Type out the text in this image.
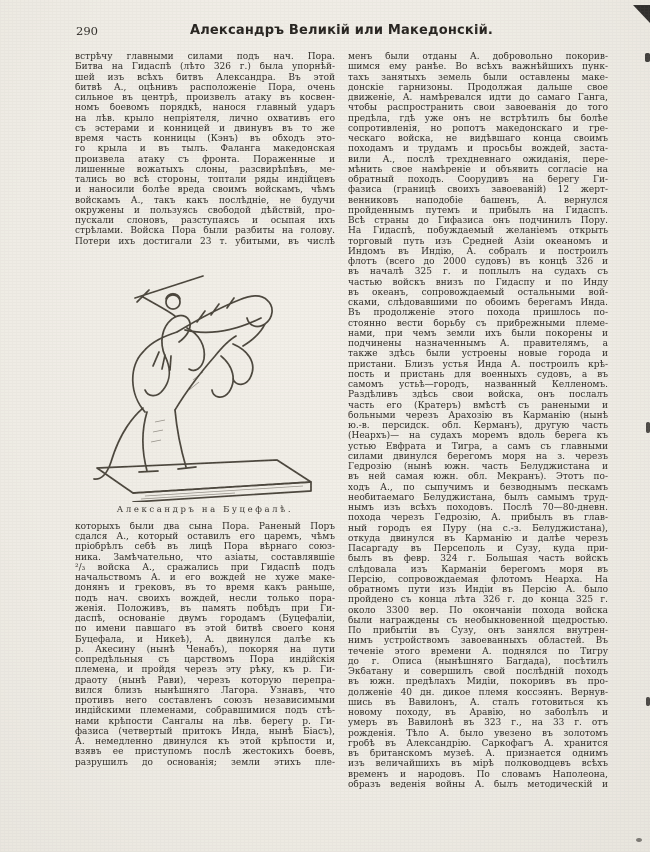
290	Александръ Великій или Македонскій.
встрѣчу главными силами подъ нач. Пора.
Битва на Гидаспѣ (лѣто 326 г.) была упорнѣй-
шей изъ всѣхъ битвъ Александра. Въ этой
битвѣ А., оцѣнивъ расположеніе Пора, очень
сильное въ центрѣ, произвелъ атаку въ косвен-
номъ боевомъ порядкѣ, нанося главный ударъ
на лѣв. крыло непріятеля, лично охвативъ его
съ эстерами и конницей и двинувъ въ то же
время часть конницы (Кэнъ) въ обходъ это-
го крыла и въ тылъ. Фаланга македонская
произвела атаку съ фронта. Пораженные и
лишенные вожатыхъ слоны, разсвирѣпѣвъ, ме-
тались во всѣ стороны, топтали ряды индійцевъ
и наносили болѣе вреда своимъ войскамъ, чѣмъ
войскамъ А., такъ какъ послѣдніе, не будучи
окружены и пользуясь свободой дѣйствій, про-
пускали слоновъ, разступаясь и осыпая ихъ
стрѣлами. Войска Пора были разбиты на голову.
Потери ихъ достигали 23 т. убитыми, въ числѣ
Александръ на Буцефалѣ.
которыхъ были два сына Пора. Раненый Поръ
сдался А., который оставилъ его царемъ, чѣмъ
пріобрѣлъ себѣ въ лицѣ Пора вѣрнаго союз-
ника. Замѣчательно, что азіаты, составлявшіе
²/₃ войска А., сражались при Гидаспѣ подъ
начальствомъ А. и его вождей не хуже маке-
донянъ и грековъ, въ то время какъ раньше,
подъ нач. своихъ вождей, несли только пора-
женія. Положивъ, въ память побѣдъ при Ги-
даспѣ, основаніе двумъ городамъ (Буцефаліи,
по имени павшаго въ этой битвѣ своего коня
Буцефала, и Никеѣ), А. двинулся далѣе къ
р. Акесину (нынѣ Ченабъ), покоряя на пути
сопредѣльныя съ царствомъ Пора индійскія
племена, и пройдя черезъ эту рѣку, къ р. Ги-
драоту (нынѣ Рави), черезъ которую перепра-
вился близъ нынѣшняго Лагора. Узнавъ, что
противъ него составленъ союзъ независимыми
индійскими племенами, собравшимися подъ стѣ-
нами крѣпости Сангалы на лѣв. берегу р. Ги-
фазиса (четвертый притокъ Инда, нынѣ Біасъ),
А. немедленно двинулся къ этой крѣпости и,
взявъ ее приступомъ послѣ жестокихъ боевъ,
разрушилъ до основанія; земли этихъ пле-
менъ были отданы А. добровольно покорив-
шимся ему ранѣе. Во всѣхъ важнѣйшихъ пунк-
тахъ занятыхъ земель были оставлены маке-
донскіе гарнизоны. Продолжая дальше свое
движеніе, А. намѣревался идти до самаго Ганга,
чтобы распространить свои завоеванія до того
предѣла, гдѣ уже онъ не встрѣтилъ бы болѣе
сопротивленія, но ропотъ македонскаго и гре-
ческаго войска, не видѣвшаго конца своимъ
походамъ и трудамъ и просьбы вождей, заста-
вили А., послѣ трехдневнаго ожиданія, пере-
мѣнить свое намѣреніе и объявить согласіе на
обратный походъ. Соорудивъ на берегу Ги-
фазиса (границѣ своихъ завоеваній) 12 жерт-
венниковъ наподобіе башенъ, А. вернулся
пройденнымъ путемъ и прибылъ на Гидаспъ.
Всѣ страны до Гифазиса онъ подчинилъ Пору.
На Гидаспѣ, побуждаемый желаніемъ открыть
торговый путь изъ Средней Азіи океаномъ и
Индомъ въ Индію, А. собралъ и построилъ
флотъ (всего до 2000 судовъ) въ концѣ 326 и
въ началѣ 325 г. и поплылъ на судахъ съ
частью войскъ внизъ по Гидаспу и по Инду
въ океанъ, сопровождаемый остальными вой-
сками, слѣдовавшими по обоимъ берегамъ Инда.
Въ продолженіе этого похода пришлось по-
стоянно вести борьбу съ прибрежными племе-
нами, при чемъ земли ихъ были покорены и
подчинены назначеннымъ А. правителямъ, а
также здѣсь были устроены новые города и
пристани. Близъ устья Инда А. построилъ крѣ-
пость и пристань для военныхъ судовъ, а въ
самомъ устьѣ—городъ, названный Келленомъ.
Раздѣливъ здѣсь свои войска, онъ послалъ
часть его (Кратеръ) вмѣстѣ съ ранеными и
больными черезъ Арахозію въ Карманію (нынѣ
ю.-в. персидск. обл. Керманъ), другую часть
(Неархъ)— на судахъ моремъ вдоль берега къ
устью Евфрата и Тигра, а самъ съ главными
силами двинулся берегомъ моря на з. черезъ
Гедрозію (нынѣ южн. часть Белуджистана и
въ ней самая южн. обл. Мекранъ). Этотъ по-
ходъ А., по сыпучимъ и безводнымъ пескамъ
необитаемаго Белуджистана, былъ самымъ труд-
нымъ изъ всѣхъ походовъ. Послѣ 70—80-дневн.
похода черезъ Гедрозію, А. прибылъ въ глав-
ный городъ ея Пуру (на с.-з. Белуджистана),
откуда двинулся въ Карманію и далѣе черезъ
Пасаргаду въ Персеполь и Сузу, куда при-
былъ въ февр. 324 г. Большая часть войскъ
слѣдовала изъ Карманіи берегомъ моря въ
Персію, сопровождаемая флотомъ Неарха. На
обратномъ пути изъ Индіи въ Персію А. было
пройдено съ конца лѣта 326 г. до конца 325 г.
около 3300 вер. По окончаніи похода войска
были награждены съ необыкновенной щедростью.
По прибытіи въ Сузу, онъ занялся внутрен-
нимъ устройствомъ завоеванныхъ областей. Въ
теченіе этого времени А. поднялся по Тигру
до г. Описа (нынѣшняго Багдада), посѣтилъ
Экбатану и совершилъ свой послѣдній походъ
въ южн. предѣлахъ Мидіи, покоривъ въ про-
долженіе 40 дн. дикое племя коссэянъ. Вернув-
шись въ Вавилонъ, А. сталъ готовиться къ
новому походу, въ Аравію, но заболѣлъ и
умеръ въ Вавилонѣ въ 323 г., на 33 г. отъ
рожденія. Тѣло А. было увезено въ золотомъ
гробѣ въ Александрію. Саркофагъ А. хранится
въ британскомъ музеѣ. А. признается однимъ
изъ величайшихъ въ мірѣ полководцевъ всѣхъ
временъ и народовъ. По словамъ Наполеона,
образъ веденія войны А. былъ методическій и
